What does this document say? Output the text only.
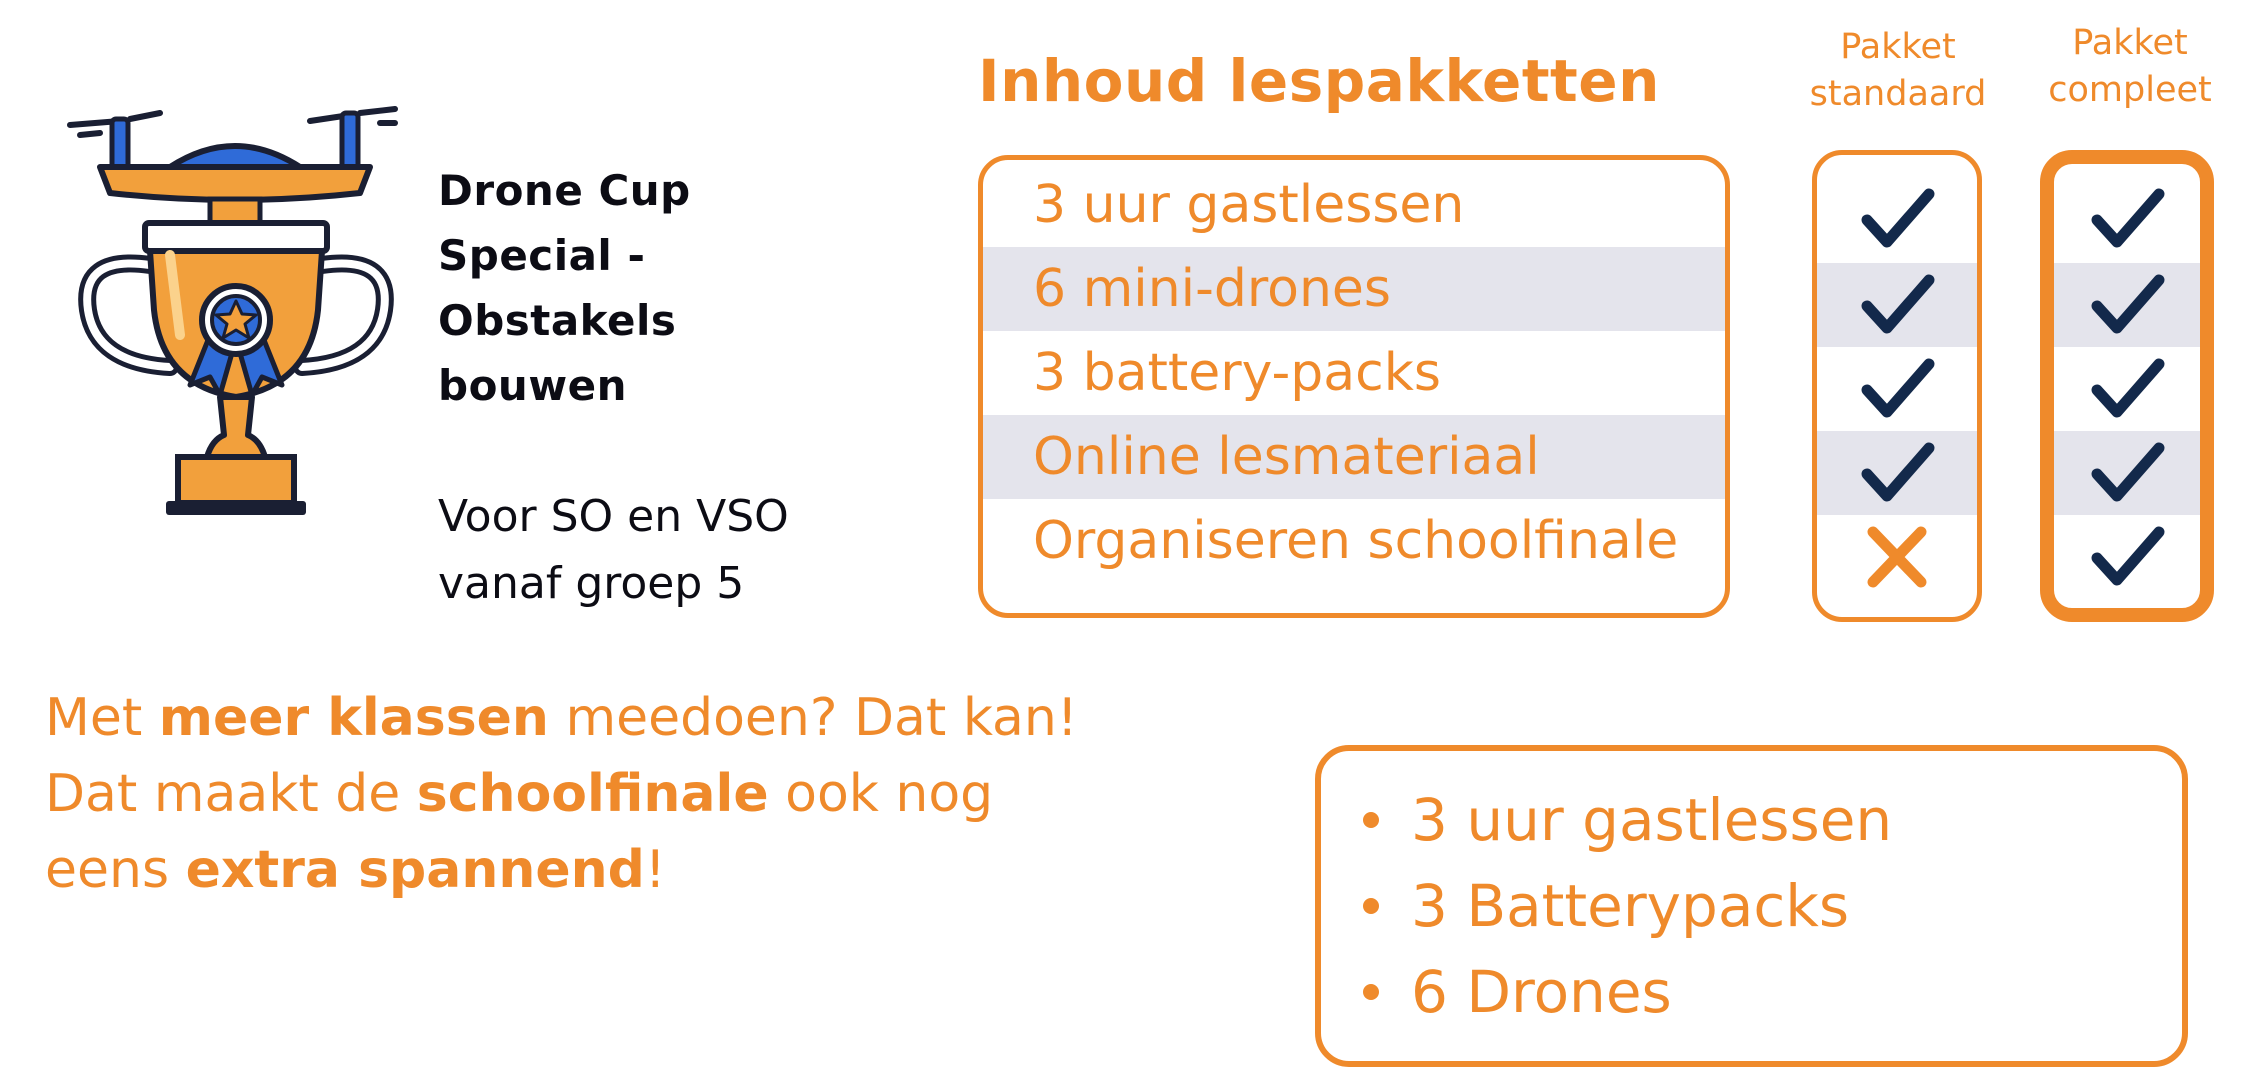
Drone Cup
Special -
Obstakels
bouwen
Voor SO en VSO
vanaf groep 5
Inhoud lespakketten	Pakket
standaard
Pakket
compleet
3 uur gastlessen
6 mini-drones
3 battery-packs
Online lesmateriaal
Organiseren schoolfinale
Met meer klassen meedoen? Dat kan!
Dat maakt de schoolfinale ook nog
eens extra spannend!
3 uur gastlessen
3 Batterypacks
6 Drones
